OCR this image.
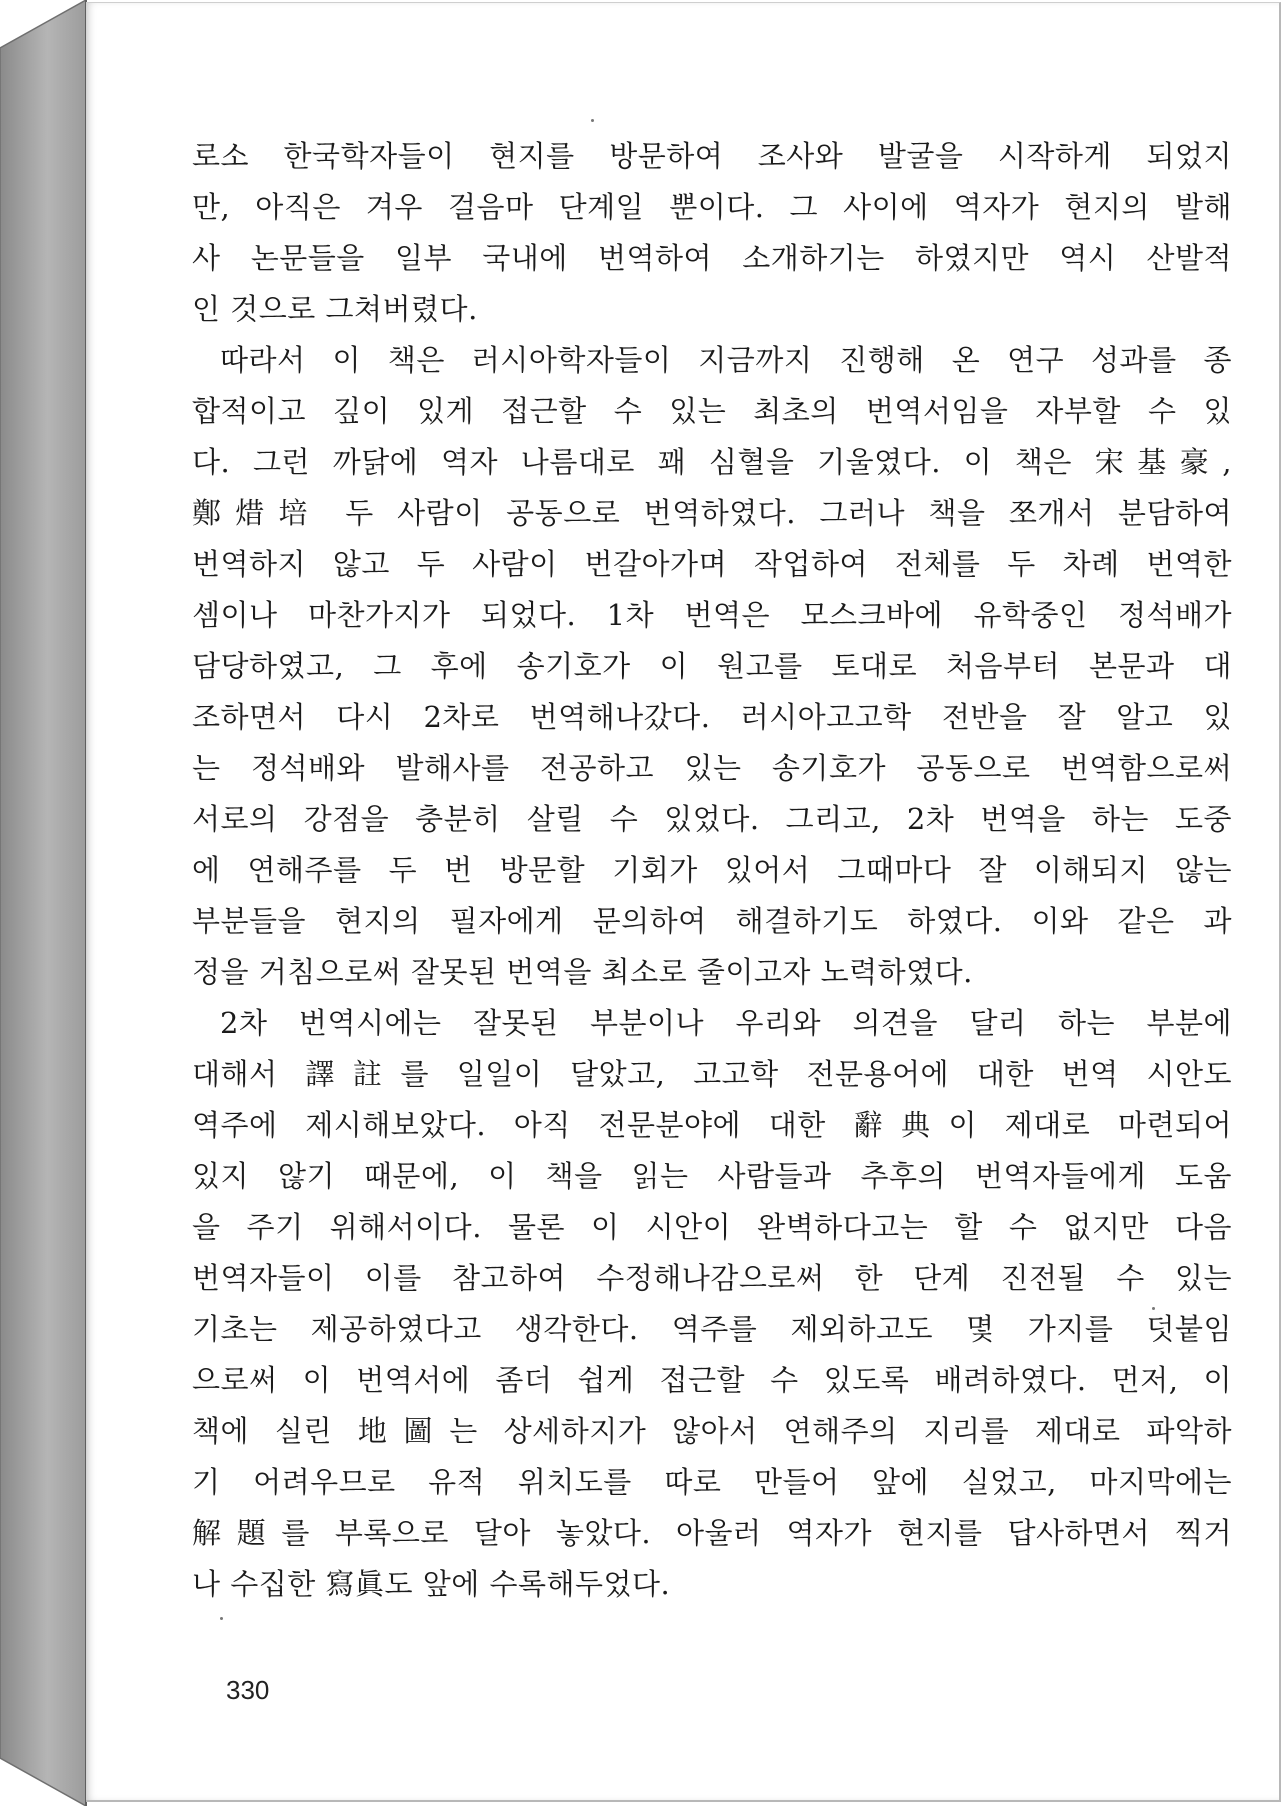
로소 한국학자들이 현지를 방문하여 조사와 발굴을 시작하게 되었지
만, 아직은 겨우 걸음마 단계일 뿐이다. 그 사이에 역자가 현지의 발해
사 논문들을 일부 국내에 번역하여 소개하기는 하였지만 역시 산발적
인 것으로 그쳐버렸다.
따라서 이 책은 러시아학자들이 지금까지 진행해 온 연구 성과를 종
합적이고 깊이 있게 접근할 수 있는 최초의 번역서임을 자부할 수 있
다. 그런 까닭에 역자 나름대로 꽤 심혈을 기울였다. 이 책은 宋基豪,
鄭焟培 두 사람이 공동으로 번역하였다. 그러나 책을 쪼개서 분담하여
번역하지 않고 두 사람이 번갈아가며 작업하여 전체를 두 차례 번역한
셈이나 마찬가지가 되었다. 1차 번역은 모스크바에 유학중인 정석배가
담당하였고, 그 후에 송기호가 이 원고를 토대로 처음부터 본문과 대
조하면서 다시 2차로 번역해나갔다. 러시아고고학 전반을 잘 알고 있
는 정석배와 발해사를 전공하고 있는 송기호가 공동으로 번역함으로써
서로의 강점을 충분히 살릴 수 있었다. 그리고, 2차 번역을 하는 도중
에 연해주를 두 번 방문할 기회가 있어서 그때마다 잘 이해되지 않는
부분들을 현지의 필자에게 문의하여 해결하기도 하였다. 이와 같은 과
정을 거침으로써 잘못된 번역을 최소로 줄이고자 노력하였다.
2차 번역시에는 잘못된 부분이나 우리와 의견을 달리 하는 부분에
대해서 譯註를 일일이 달았고, 고고학 전문용어에 대한 번역 시안도
역주에 제시해보았다. 아직 전문분야에 대한 辭典이 제대로 마련되어
있지 않기 때문에, 이 책을 읽는 사람들과 추후의 번역자들에게 도움
을 주기 위해서이다. 물론 이 시안이 완벽하다고는 할 수 없지만 다음
번역자들이 이를 참고하여 수정해나감으로써 한 단계 진전될 수 있는
기초는 제공하였다고 생각한다. 역주를 제외하고도 몇 가지를 덧붙임
으로써 이 번역서에 좀더 쉽게 접근할 수 있도록 배려하였다. 먼저, 이
책에 실린 地圖는 상세하지가 않아서 연해주의 지리를 제대로 파악하
기 어려우므로 유적 위치도를 따로 만들어 앞에 실었고, 마지막에는
解題를 부록으로 달아 놓았다. 아울러 역자가 현지를 답사하면서 찍거
나 수집한 寫眞도 앞에 수록해두었다.
330
